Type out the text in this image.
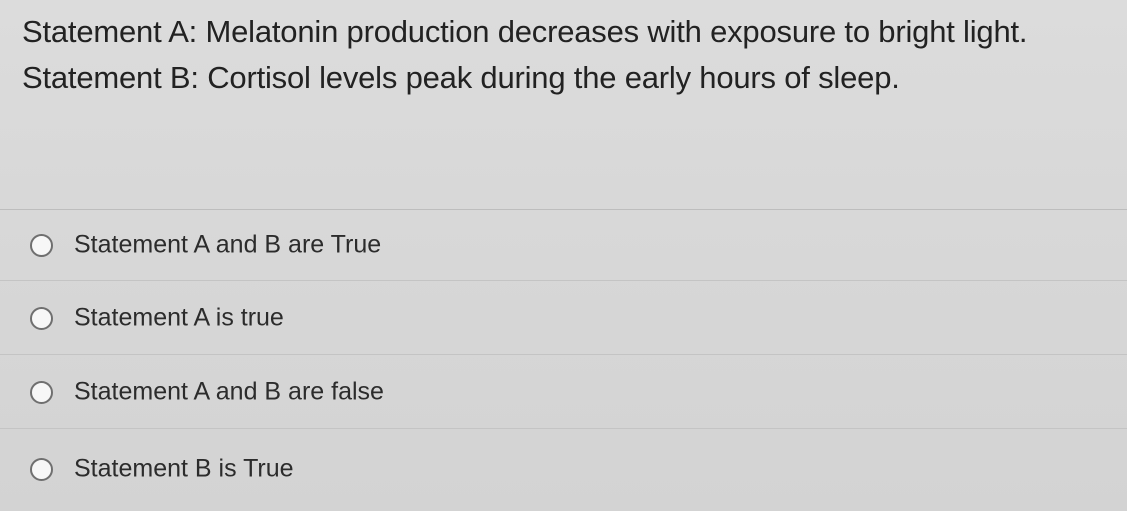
Statement A: Melatonin production decreases with exposure to bright light.
Statement B: Cortisol levels peak during the early hours of sleep.
Statement A and B are True
Statement A is true
Statement A and B are false
Statement B is True
